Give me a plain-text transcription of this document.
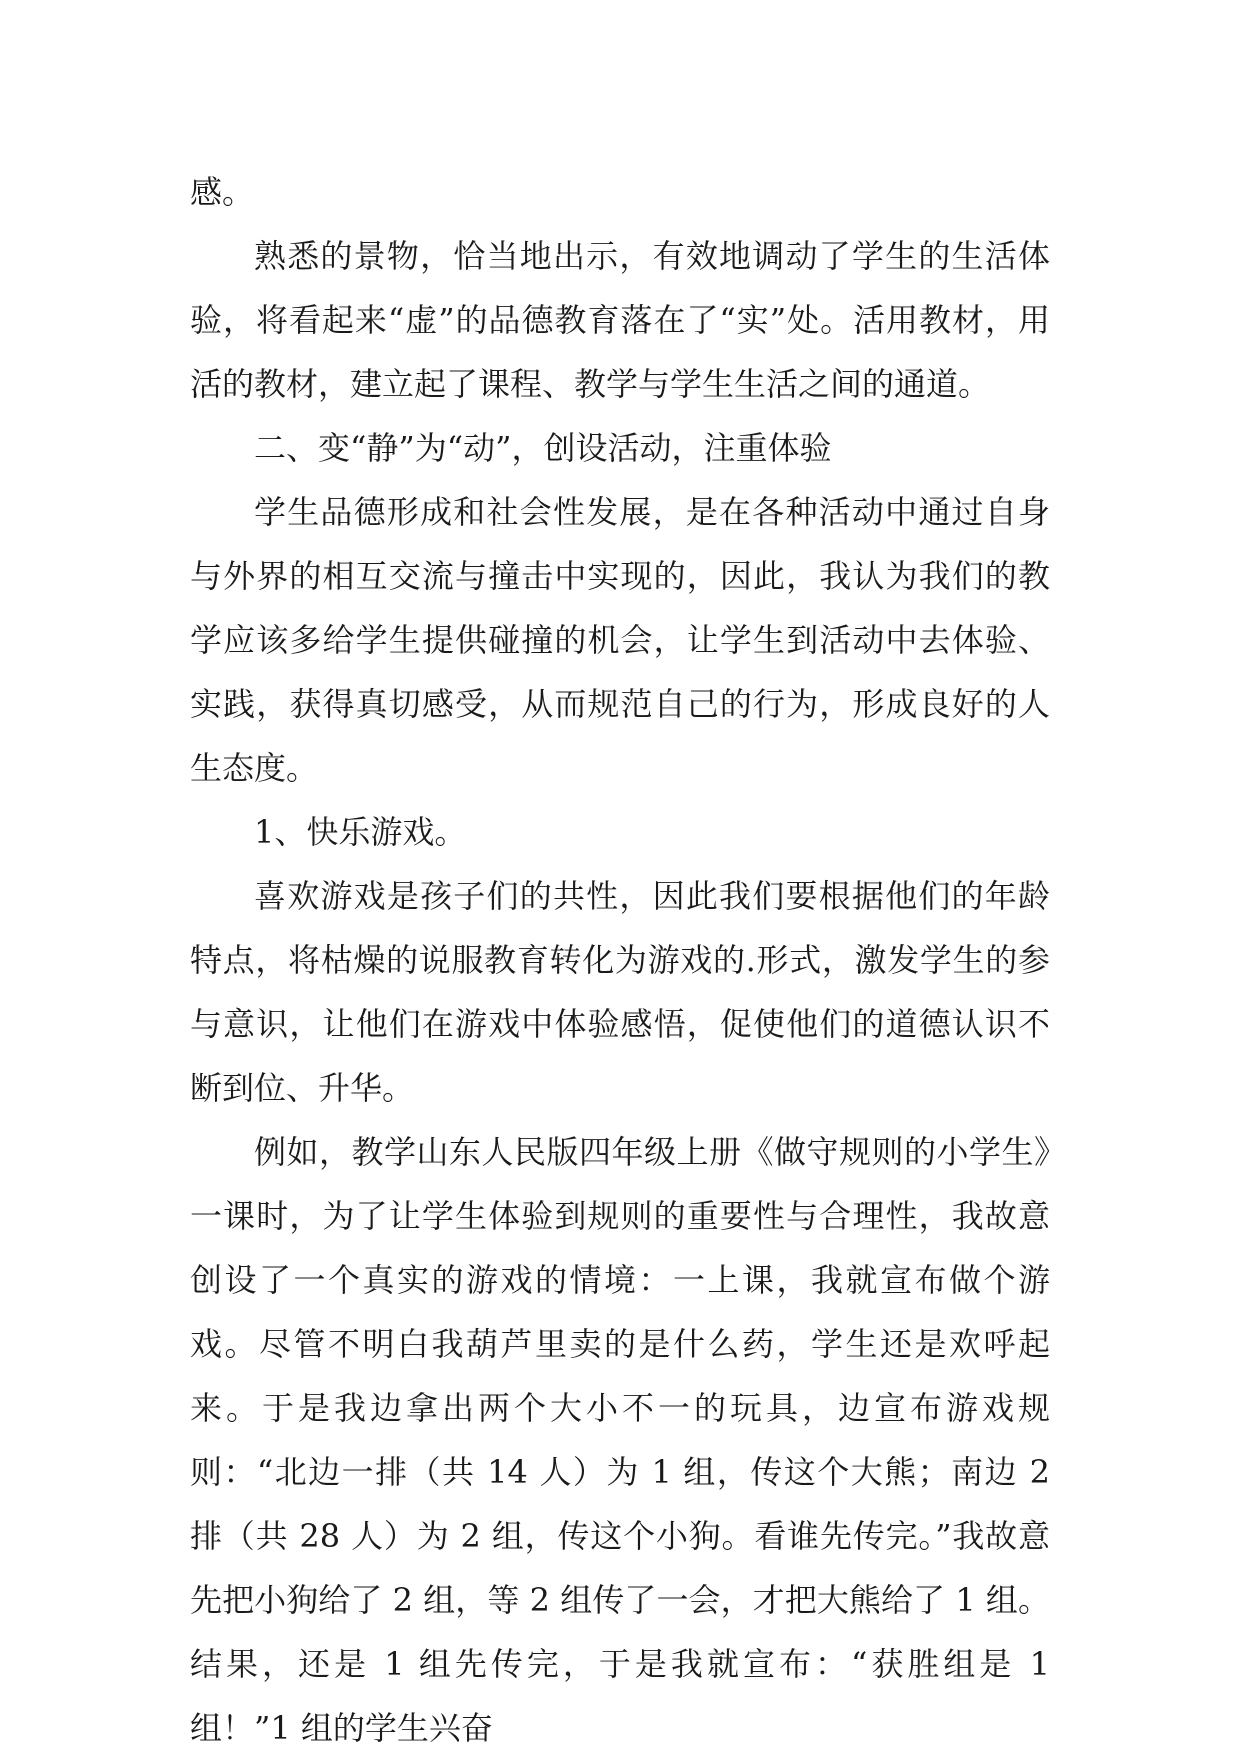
感。

熟悉的景物，恰当地出示，有效地调动了学生的生活体验，将看起来“虚”的品德教育落在了“实”处。活用教材，用活的教材，建立起了课程、教学与学生生活之间的通道。

二、变“静”为“动”，创设活动，注重体验

学生品德形成和社会性发展，是在各种活动中通过自身与外界的相互交流与撞击中实现的，因此，我认为我们的教学应该多给学生提供碰撞的机会，让学生到活动中去体验、实践，获得真切感受，从而规范自己的行为，形成良好的人生态度。

1、快乐游戏。

喜欢游戏是孩子们的共性，因此我们要根据他们的年龄特点，将枯燥的说服教育转化为游戏的.形式，激发学生的参与意识，让他们在游戏中体验感悟，促使他们的道德认识不断到位、升华。

例如，教学山东人民版四年级上册《做守规则的小学生》一课时，为了让学生体验到规则的重要性与合理性，我故意创设了一个真实的游戏的情境：一上课，我就宣布做个游戏。尽管不明白我葫芦里卖的是什么药，学生还是欢呼起来。于是我边拿出两个大小不一的玩具，边宣布游戏规则：“北边一排（共 14 人）为 1 组，传这个大熊；南边 2 排（共 28 人）为 2 组，传这个小狗。看谁先传完。”我故意先把小狗给了 2 组，等 2 组传了一会，才把大熊给了 1 组。结果，还是 1 组先传完，于是我就宣布：“获胜组是 1 组！”1 组的学生兴奋
